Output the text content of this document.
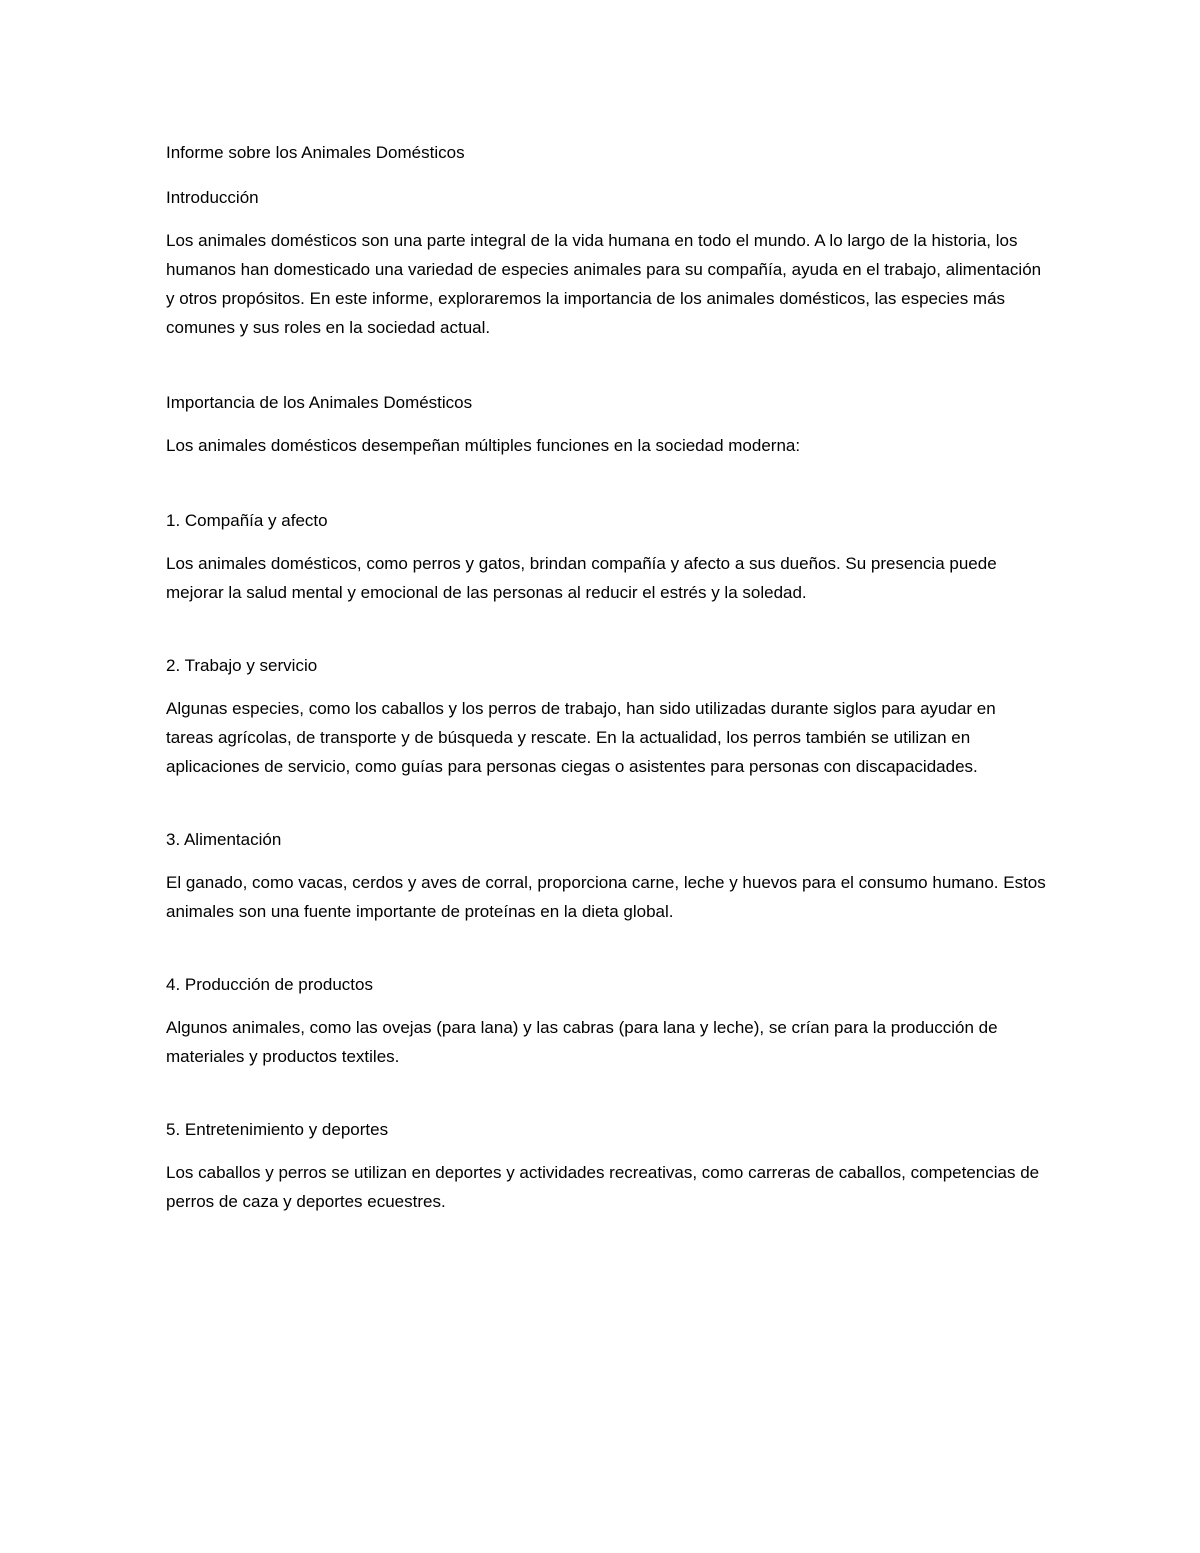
Informe sobre los Animales Domésticos

Introducción

Los animales domésticos son una parte integral de la vida humana en todo el mundo. A lo largo de la historia, los humanos han domesticado una variedad de especies animales para su compañía, ayuda en el trabajo, alimentación y otros propósitos. En este informe, exploraremos la importancia de los animales domésticos, las especies más comunes y sus roles en la sociedad actual.

Importancia de los Animales Domésticos

Los animales domésticos desempeñan múltiples funciones en la sociedad moderna:

1. Compañía y afecto

Los animales domésticos, como perros y gatos, brindan compañía y afecto a sus dueños. Su presencia puede mejorar la salud mental y emocional de las personas al reducir el estrés y la soledad.

2. Trabajo y servicio

Algunas especies, como los caballos y los perros de trabajo, han sido utilizadas durante siglos para ayudar en tareas agrícolas, de transporte y de búsqueda y rescate. En la actualidad, los perros también se utilizan en aplicaciones de servicio, como guías para personas ciegas o asistentes para personas con discapacidades.

3. Alimentación

El ganado, como vacas, cerdos y aves de corral, proporciona carne, leche y huevos para el consumo humano. Estos animales son una fuente importante de proteínas en la dieta global.

4. Producción de productos

Algunos animales, como las ovejas (para lana) y las cabras (para lana y leche), se crían para la producción de materiales y productos textiles.

5. Entretenimiento y deportes

Los caballos y perros se utilizan en deportes y actividades recreativas, como carreras de caballos, competencias de perros de caza y deportes ecuestres.
